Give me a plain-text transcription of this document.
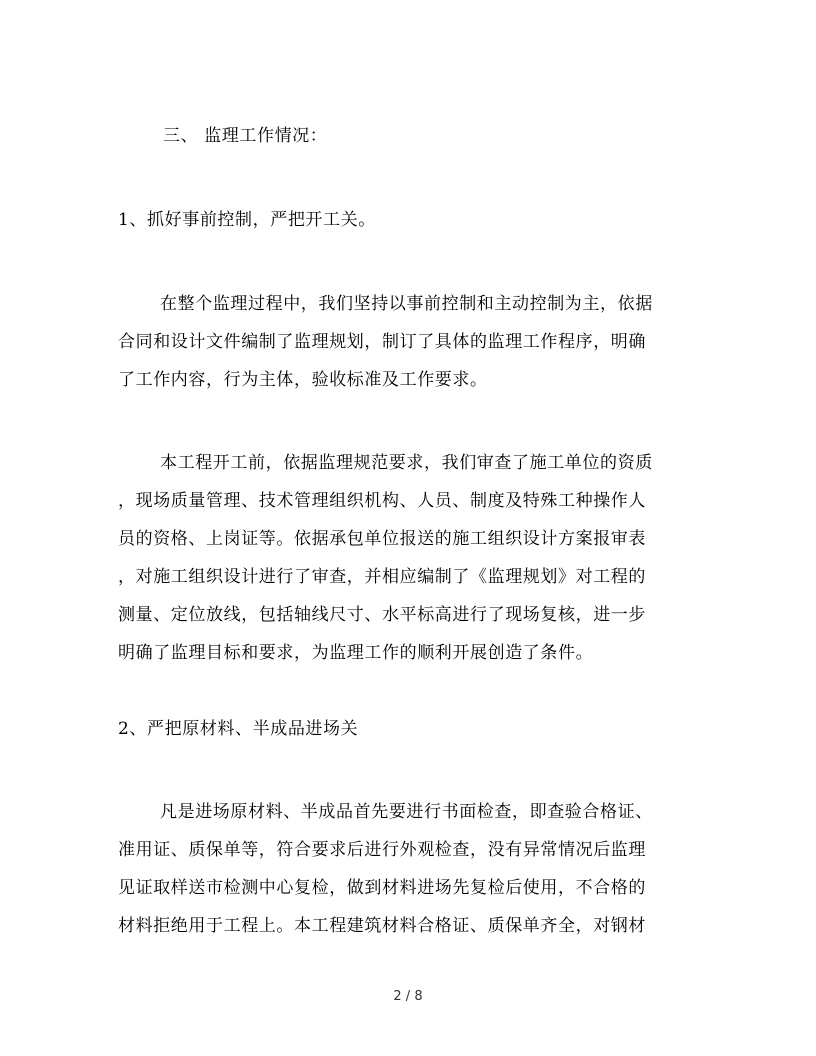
三、 监理工作情况：
1、抓好事前控制，严把开工关。
在整个监理过程中，我们坚持以事前控制和主动控制为主，依据
合同和设计文件编制了监理规划，制订了具体的监理工作程序，明确
了工作内容，行为主体，验收标准及工作要求。
本工程开工前，依据监理规范要求，我们审查了施工单位的资质
，现场质量管理、技术管理组织机构、人员、制度及特殊工种操作人
员的资格、上岗证等。依据承包单位报送的施工组织设计方案报审表
，对施工组织设计进行了审查，并相应编制了《监理规划》对工程的
测量、定位放线，包括轴线尺寸、水平标高进行了现场复核，进一步
明确了监理目标和要求，为监理工作的顺利开展创造了条件。
2、严把原材料、半成品进场关
凡是进场原材料、半成品首先要进行书面检查，即查验合格证、
准用证、质保单等，符合要求后进行外观检查，没有异常情况后监理
见证取样送市检测中心复检，做到材料进场先复检后使用，不合格的
材料拒绝用于工程上。本工程建筑材料合格证、质保单齐全，对钢材
2 / 8
